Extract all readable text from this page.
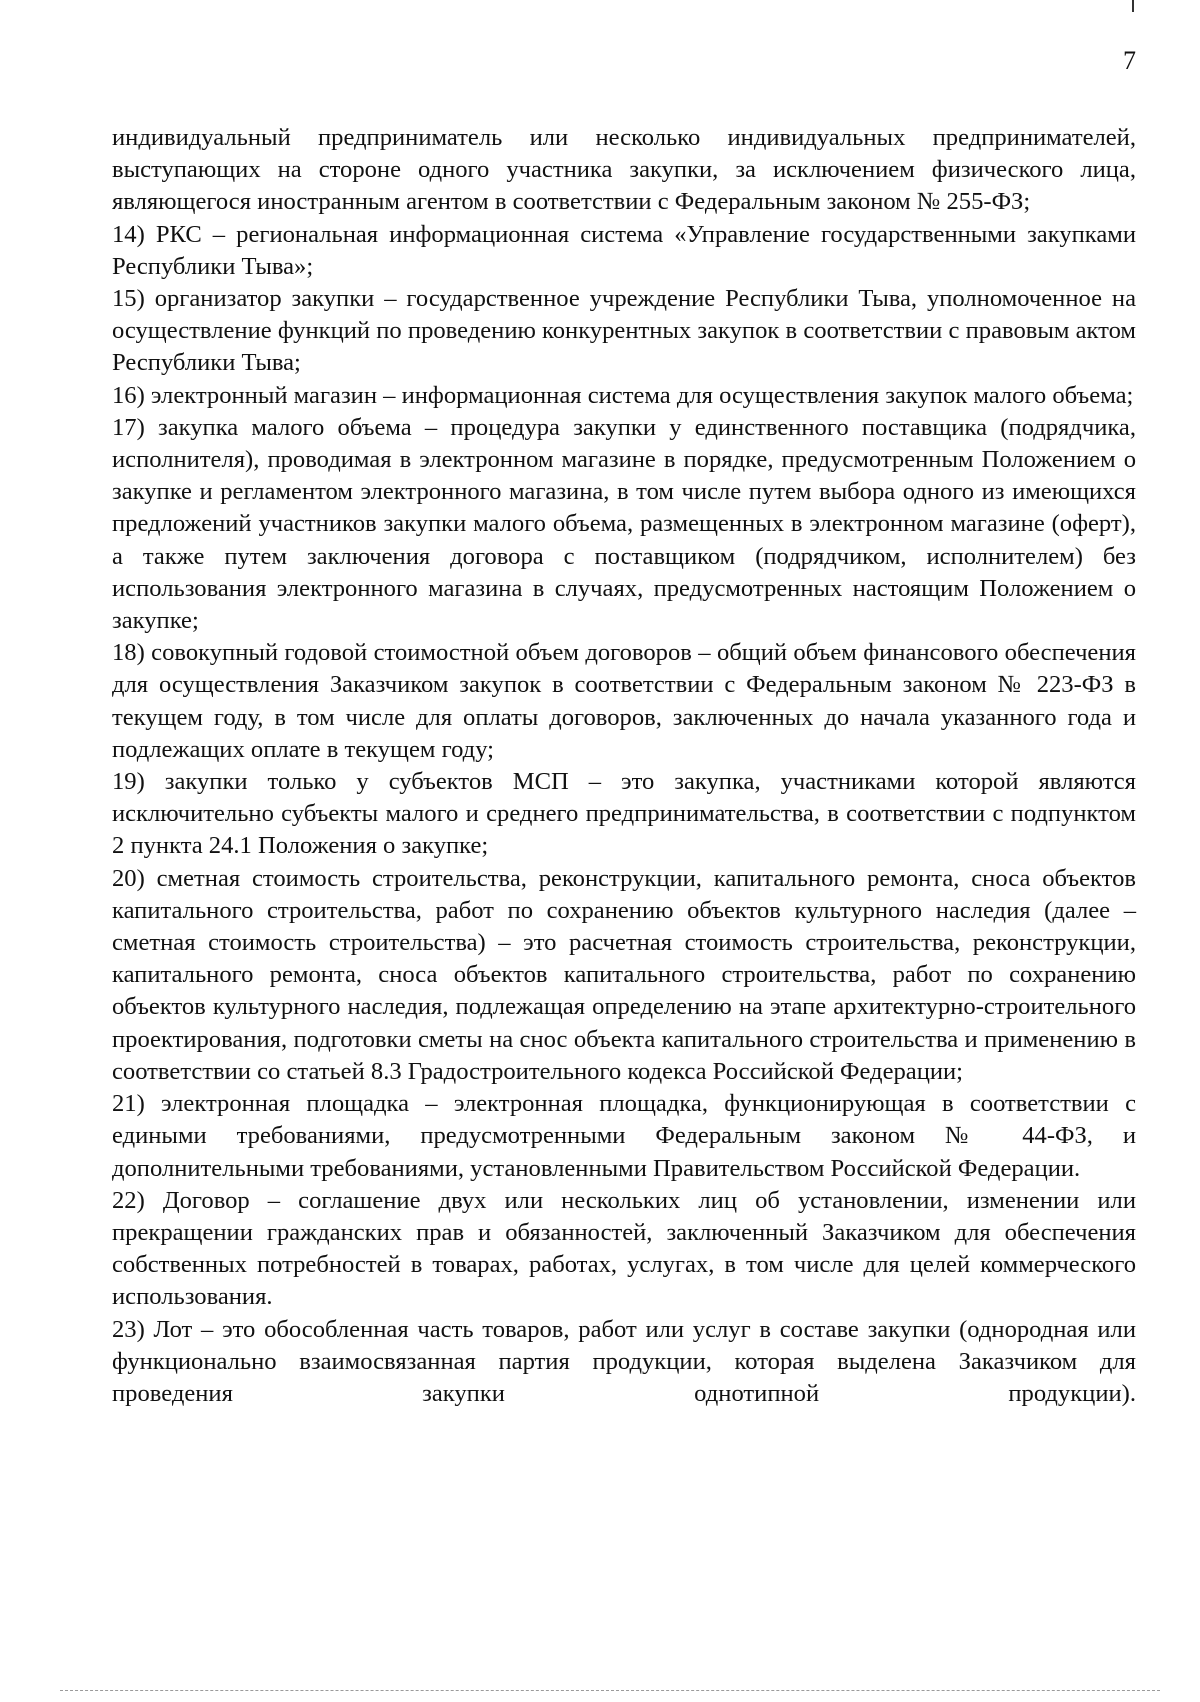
7

индивидуальный предприниматель или несколько индивидуальных предпринимателей, выступающих на стороне одного участника закупки, за исключением физического лица, являющегося иностранным агентом в соответствии с Федеральным законом № 255-ФЗ;

14) РКС – региональная информационная система «Управление государственными закупками Республики Тыва»;

15) организатор закупки – государственное учреждение Республики Тыва, уполномоченное на осуществление функций по проведению конкурентных закупок в соответствии с правовым актом Республики Тыва;

16) электронный магазин – информационная система для осуществления закупок малого объема;

17) закупка малого объема – процедура закупки у единственного поставщика (подрядчика, исполнителя), проводимая в электронном магазине в порядке, предусмотренным Положением о закупке и регламентом электронного магазина, в том числе путем выбора одного из имеющихся предложений участников закупки малого объема, размещенных в электронном магазине (оферт), а также путем заключения договора с поставщиком (подрядчиком, исполнителем) без использования электронного магазина в случаях, предусмотренных настоящим Положением о закупке;

18) совокупный годовой стоимостной объем договоров – общий объем финансового обеспечения для осуществления Заказчиком закупок в соответствии с Федеральным законом № 223-ФЗ в текущем году, в том числе для оплаты договоров, заключенных до начала указанного года и подлежащих оплате в текущем году;

19) закупки только у субъектов МСП – это закупка, участниками которой являются исключительно субъекты малого и среднего предпринимательства, в соответствии с подпунктом 2 пункта 24.1 Положения о закупке;

20) сметная стоимость строительства, реконструкции, капитального ремонта, сноса объектов капитального строительства, работ по сохранению объектов культурного наследия (далее – сметная стоимость строительства) – это расчетная стоимость строительства, реконструкции, капитального ремонта, сноса объектов капитального строительства, работ по сохранению объектов культурного наследия, подлежащая определению на этапе архитектурно-строительного проектирования, подготовки сметы на снос объекта капитального строительства и применению в соответствии со статьей 8.3 Градостроительного кодекса Российской Федерации;

21) электронная площадка – электронная площадка, функционирующая в соответствии с едиными требованиями, предусмотренными Федеральным законом № 44-ФЗ, и дополнительными требованиями, установленными Правительством Российской Федерации.

22) Договор – соглашение двух или нескольких лиц об установлении, изменении или прекращении гражданских прав и обязанностей, заключенный Заказчиком для обеспечения собственных потребностей в товарах, работах, услугах, в том числе для целей коммерческого использования.

23) Лот – это обособленная часть товаров, работ или услуг в составе закупки (однородная или функционально взаимосвязанная партия продукции, которая выделена Заказчиком для проведения закупки однотипной продукции).
